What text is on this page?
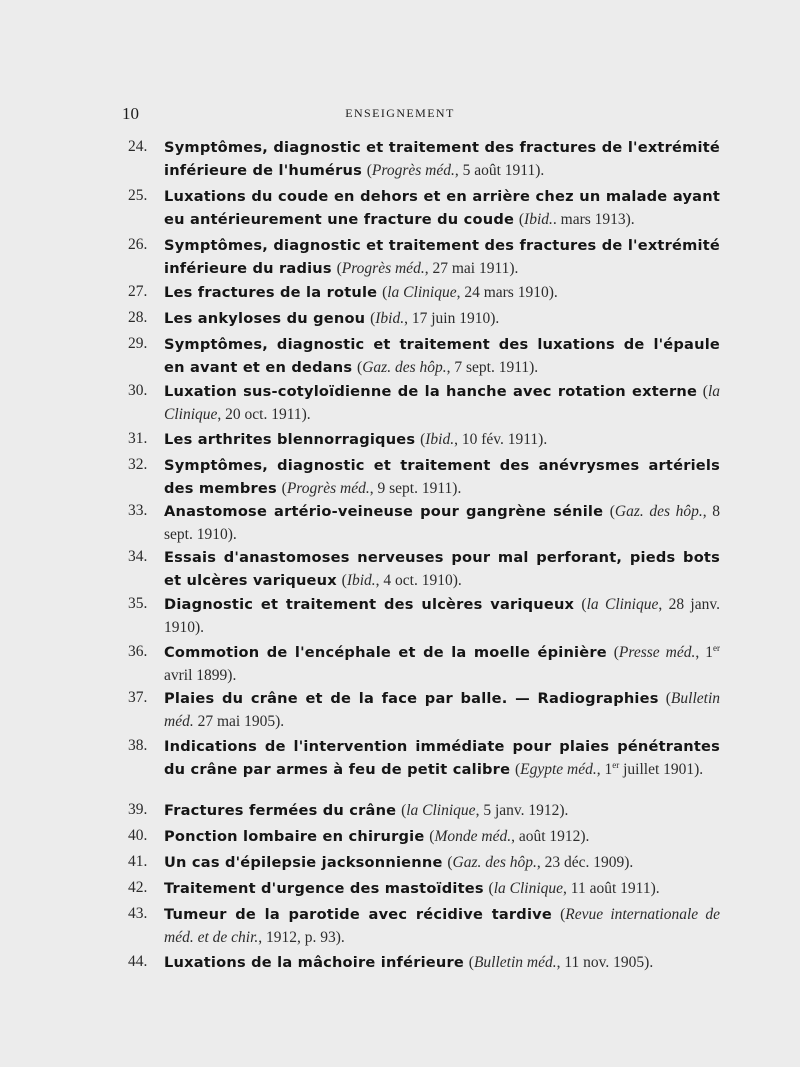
10	ENSEIGNEMENT
24.	Symptômes, diagnostic et traitement des fractures de l'extrémité inférieure de l'humérus (Progrès méd., 5 août 1911).
25.	Luxations du coude en dehors et en arrière chez un malade ayant eu antérieurement une fracture du coude (Ibid.. mars 1913).
26.	Symptômes, diagnostic et traitement des fractures de l'extrémité inférieure du radius (Progrès méd., 27 mai 1911).
27.	Les fractures de la rotule (la Clinique, 24 mars 1910).
28.	Les ankyloses du genou (Ibid., 17 juin 1910).
29.	Symptômes, diagnostic et traitement des luxations de l'épaule en avant et en dedans (Gaz. des hôp., 7 sept. 1911).
30.	Luxation sus-cotyloïdienne de la hanche avec rotation externe (la Clinique, 20 oct. 1911).
31.	Les arthrites blennorragiques (Ibid., 10 fév. 1911).
32.	Symptômes, diagnostic et traitement des anévrysmes artériels des membres (Progrès méd., 9 sept. 1911).
33.	Anastomose artério-veineuse pour gangrène sénile (Gaz. des hôp., 8 sept. 1910).
34.	Essais d'anastomoses nerveuses pour mal perforant, pieds bots et ulcères variqueux (Ibid., 4 oct. 1910).
35.	Diagnostic et traitement des ulcères variqueux (la Clinique, 28 janv. 1910).
36.	Commotion de l'encéphale et de la moelle épinière (Presse méd., 1er avril 1899).
37.	Plaies du crâne et de la face par balle. — Radiographies (Bulletin méd. 27 mai 1905).
38.	Indications de l'intervention immédiate pour plaies pénétrantes du crâne par armes à feu de petit calibre (Egypte méd., 1er juillet 1901).
39.	Fractures fermées du crâne (la Clinique, 5 janv. 1912).
40.	Ponction lombaire en chirurgie (Monde méd., août 1912).
41.	Un cas d'épilepsie jacksonnienne (Gaz. des hôp., 23 déc. 1909).
42.	Traitement d'urgence des mastoïdites (la Clinique, 11 août 1911).
43.	Tumeur de la parotide avec récidive tardive (Revue internationale de méd. et de chir., 1912, p. 93).
44.	Luxations de la mâchoire inférieure (Bulletin méd., 11 nov. 1905).
